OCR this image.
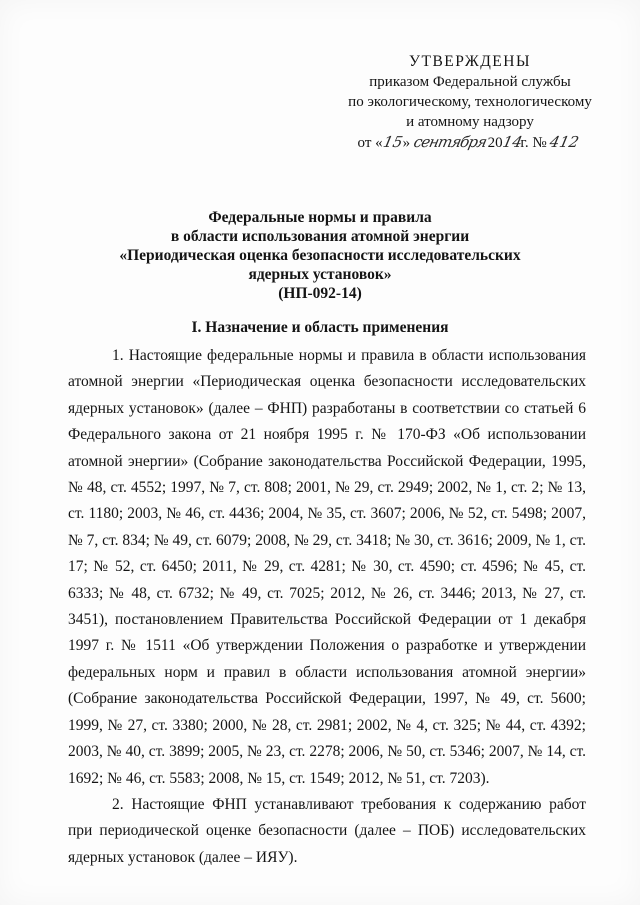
УТВЕРЖДЕНЫ
приказом Федеральной службы
по экологическому, технологическому
и атомному надзору
от «15» сентября 2014 г. № 412
Федеральные нормы и правила
в области использования атомной энергии
«Периодическая оценка безопасности исследовательских
ядерных установок»
(НП-092-14)
I. Назначение и область применения

1. Настоящие федеральные нормы и правила в области использования атомной энергии «Периодическая оценка безопасности исследовательских ядерных установок» (далее – ФНП) разработаны в соответствии со статьей 6 Федерального закона от 21 ноября 1995 г. № 170-ФЗ «Об использовании атомной энергии» (Собрание законодательства Российской Федерации, 1995, № 48, ст. 4552; 1997, № 7, ст. 808; 2001, № 29, ст. 2949; 2002, № 1, ст. 2; № 13, ст. 1180; 2003, № 46, ст. 4436; 2004, № 35, ст. 3607; 2006, № 52, ст. 5498; 2007, № 7, ст. 834; № 49, ст. 6079; 2008, № 29, ст. 3418; № 30, ст. 3616; 2009, № 1, ст. 17; № 52, ст. 6450; 2011, № 29, ст. 4281; № 30, ст. 4590; ст. 4596; № 45, ст. 6333; № 48, ст. 6732; № 49, ст. 7025; 2012, № 26, ст. 3446; 2013, № 27, ст. 3451), постановлением Правительства Российской Федерации от 1 декабря 1997 г. № 1511 «Об утверждении Положения о разработке и утверждении федеральных норм и правил в области использования атомной энергии» (Собрание законодательства Российской Федерации, 1997, № 49, ст. 5600; 1999, № 27, ст. 3380; 2000, № 28, ст. 2981; 2002, № 4, ст. 325; № 44, ст. 4392; 2003, № 40, ст. 3899; 2005, № 23, ст. 2278; 2006, № 50, ст. 5346; 2007, № 14, ст. 1692; № 46, ст. 5583; 2008, № 15, ст. 1549; 2012, № 51, ст. 7203).

2. Настоящие ФНП устанавливают требования к содержанию работ при периодической оценке безопасности (далее – ПОБ) исследовательских ядерных установок (далее – ИЯУ).
